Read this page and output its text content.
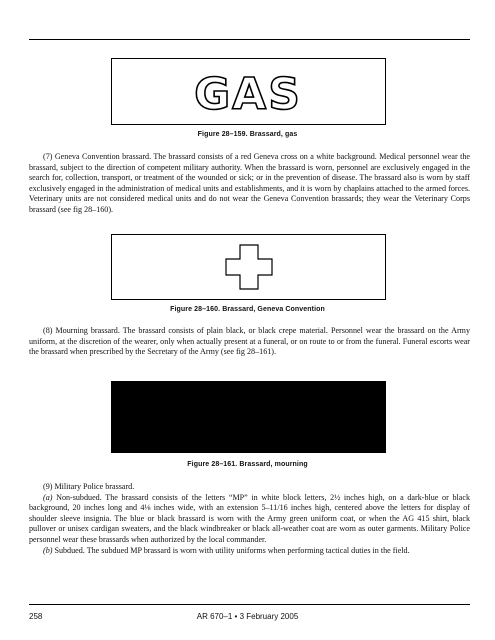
GAS
Figure 28–159. Brassard, gas

(7) Geneva Convention brassard. The brassard consists of a red Geneva cross on a white background. Medical personnel wear the brassard, subject to the direction of competent military authority. When the brassard is worn, personnel are exclusively engaged in the search for, collection, transport, or treatment of the wounded or sick; or in the prevention of disease. The brassard also is worn by staff exclusively engaged in the administration of medical units and establishments, and it is worn by chaplains attached to the armed forces. Veterinary units are not considered medical units and do not wear the Geneva Convention brassards; they wear the Veterinary Corps brassard (see fig 28–160).

Figure 28–160. Brassard, Geneva Convention

(8) Mourning brassard. The brassard consists of plain black, or black crepe material. Personnel wear the brassard on the Army uniform, at the discretion of the wearer, only when actually present at a funeral, or on route to or from the funeral. Funeral escorts wear the brassard when prescribed by the Secretary of the Army (see fig 28–161).

Figure 28–161. Brassard, mourning

(9) Military Police brassard.

(a) Non-subdued. The brassard consists of the letters “MP” in white block letters, 2½ inches high, on a dark-blue or black background, 20 inches long and 4⅛ inches wide, with an extension 5–11/16 inches high, centered above the letters for display of shoulder sleeve insignia. The blue or black brassard is worn with the Army green uniform coat, or when the AG 415 shirt, black pullover or unisex cardigan sweaters, and the black windbreaker or black all-weather coat are worn as outer garments. Military Police personnel wear these brassards when authorized by the local commander.

(b) Subdued. The subdued MP brassard is worn with utility uniforms when performing tactical duties in the field.

258	AR 670–1 • 3 February 2005
